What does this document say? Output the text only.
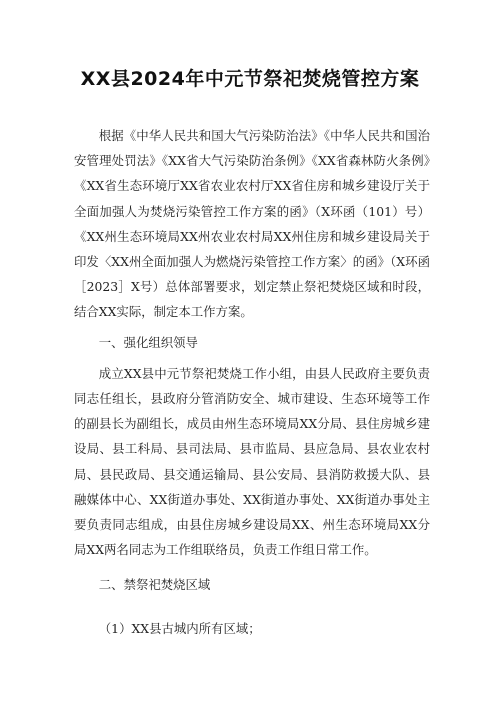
XX县2024年中元节祭祀焚烧管控方案

根据《中华人民共和国大气污染防治法》《中华人民共和国治安管理处罚法》《XX省大气污染防治条例》《XX省森林防火条例》《XX省生态环境厅XX省农业农村厅XX省住房和城乡建设厅关于全面加强人为焚烧污染管控工作方案的函》（X环函（101）号）《XX州生态环境局XX州农业农村局XX州住房和城乡建设局关于印发〈XX州全面加强人为燃烧污染管控工作方案〉的函》（X环函［2023］X号）总体部署要求，划定禁止祭祀焚烧区域和时段，结合XX实际，制定本工作方案。

一、强化组织领导

成立XX县中元节祭祀焚烧工作小组，由县人民政府主要负责同志任组长，县政府分管消防安全、城市建设、生态环境等工作的副县长为副组长，成员由州生态环境局XX分局、县住房城乡建设局、县工科局、县司法局、县市监局、县应急局、县农业农村局、县民政局、县交通运输局、县公安局、县消防救援大队、县融媒体中心、XX街道办事处、XX街道办事处、XX街道办事处主要负责同志组成，由县住房城乡建设局XX、州生态环境局XX分局XX两名同志为工作组联络员，负责工作组日常工作。

二、禁祭祀焚烧区域

（1）XX县古城内所有区域；
